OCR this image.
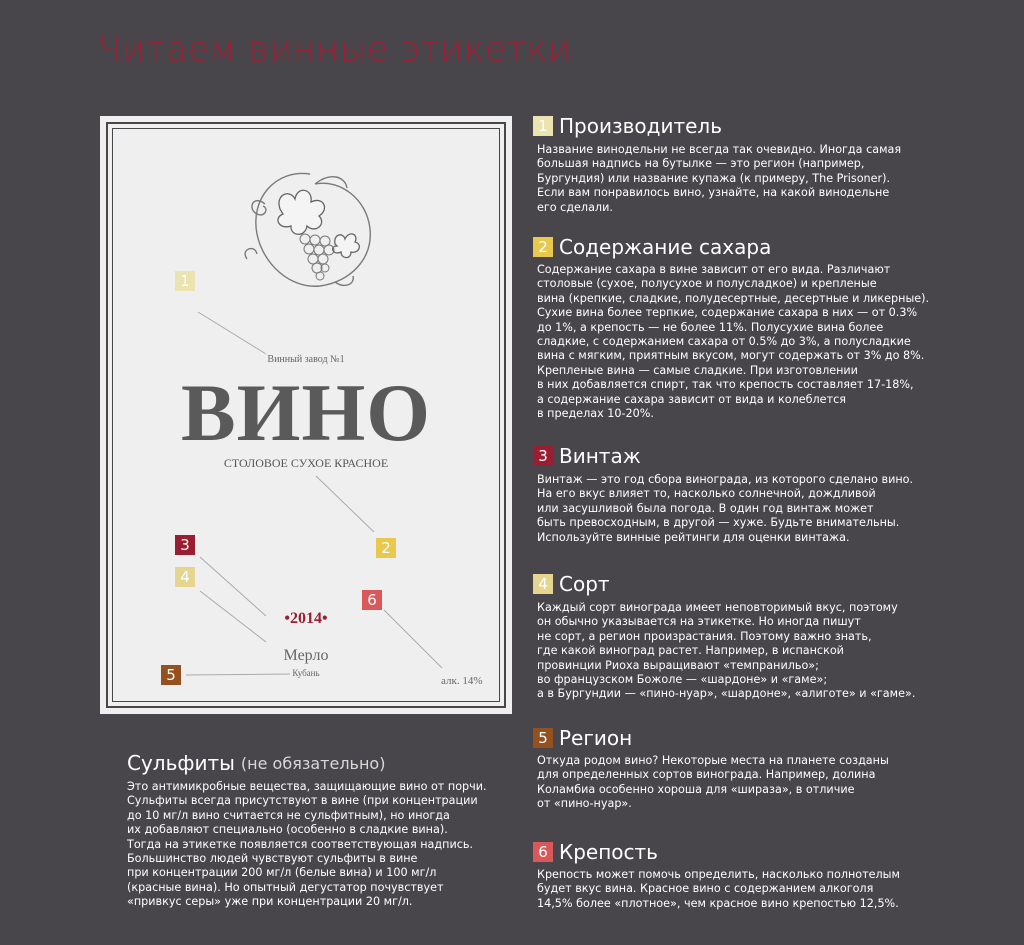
Читаем винные этикетки
1
2
3
4
5
6
Винный завод №1
ВИНО
СТОЛОВОЕ СУХОЕ КРАСНОЕ
•2014•
Мерло
Кубань
алк. 14%
Сульфиты (не обязательно)
Это антимикробные вещества, защищающие вино от порчи.
Сульфиты всегда присутствуют в вине (при концентрации
до 10 мг/л вино считается не сульфитным), но иногда
их добавляют специально (особенно в сладкие вина).
Тогда на этикетке появляется соответствующая надпись.
Большинство людей чувствуют сульфиты в вине
при концентрации 200 мг/л (белые вина) и 100 мг/л
(красные вина). Но опытный дегустатор почувствует
«привкус серы» уже при концентрации 20 мг/л.
1 Производитель
Название винодельни не всегда так очевидно. Иногда самая
большая надпись на бутылке — это регион (например,
Бургундия) или название купажа (к примеру, The Prisoner).
Если вам понравилось вино, узнайте, на какой винодельне
его сделали.
2 Содержание сахара
Содержание сахара в вине зависит от его вида. Различают
столовые (сухое, полусухое и полусладкое) и крепленые
вина (крепкие, сладкие, полудесертные, десертные и ликерные).
Сухие вина более терпкие, содержание сахара в них — от 0.3%
до 1%, а крепость — не более 11%. Полусухие вина более
сладкие, с содержанием сахара от 0.5% до 3%, а полусладкие
вина с мягким, приятным вкусом, могут содержать от 3% до 8%.
Крепленые вина — самые сладкие. При изготовлении
в них добавляется спирт, так что крепость составляет 17-18%,
а содержание сахара зависит от вида и колеблется
в пределах 10-20%.
3 Винтаж
Винтаж — это год сбора винограда, из которого сделано вино.
На его вкус влияет то, насколько солнечной, дождливой
или засушливой была погода. В один год винтаж может
быть превосходным, в другой — хуже. Будьте внимательны.
Используйте винные рейтинги для оценки винтажа.
4 Сорт
Каждый сорт винограда имеет неповторимый вкус, поэтому
он обычно указывается на этикетке. Но иногда пишут
не сорт, а регион произрастания. Поэтому важно знать,
где какой виноград растет. Например, в испанской
провинции Риоха выращивают «темпранильо»;
во французском Божоле — «шардоне» и «гаме»;
а в Бургундии — «пино-нуар», «шардоне», «алиготе» и «гаме».
5 Регион
Откуда родом вино? Некоторые места на планете созданы
для определенных сортов винограда. Например, долина
Коламбиа особенно хороша для «шираза», в отличие
от «пино-нуар».
6 Крепость
Крепость может помочь определить, насколько полнотелым
будет вкус вина. Красное вино с содержанием алкоголя
14,5% более «плотное», чем красное вино крепостью 12,5%.
